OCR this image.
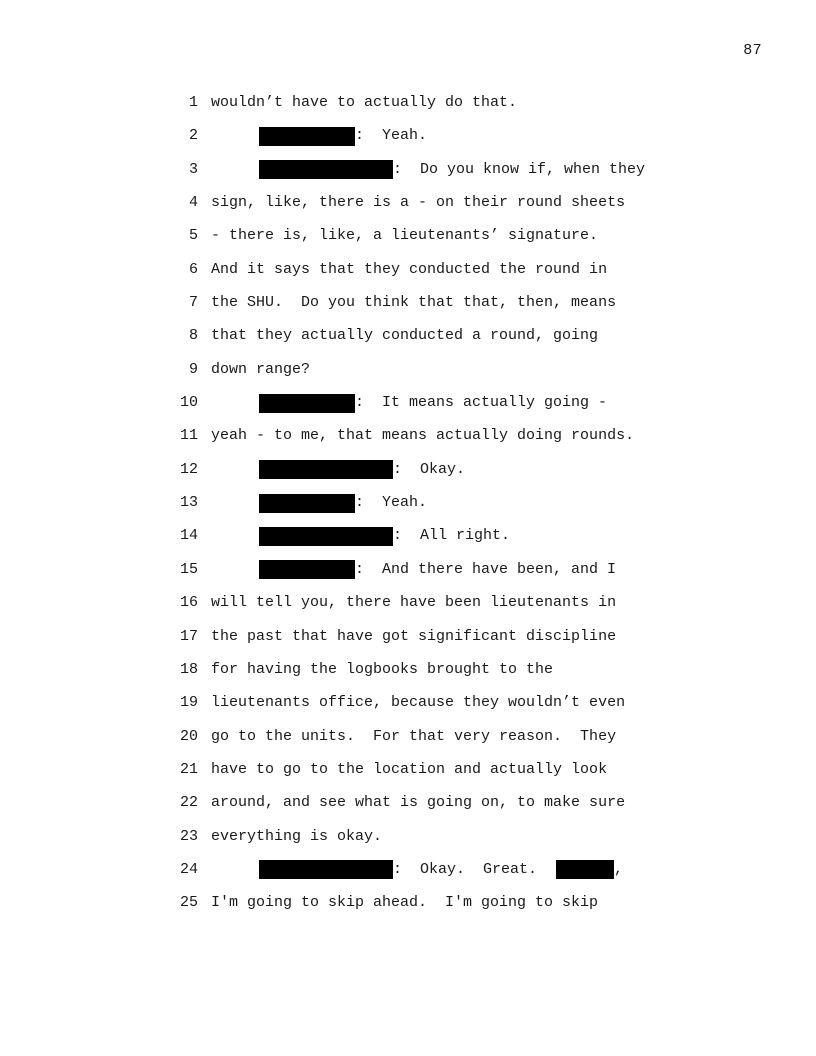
87

1

wouldn’t have to actually do that.

2

	:  Yeah.

3

	:  Do you know if, when they

4

sign, like, there is a - on their round sheets

5

- there is, like, a lieutenants’ signature.

6

And it says that they conducted the round in

7

the SHU.  Do you think that that, then, means

8

that they actually conducted a round, going

9

down range?

10

	:  It means actually going -

11

yeah - to me, that means actually doing rounds.

12

	:  Okay.

13

	:  Yeah.

14

	:  All right.

15

	:  And there have been, and I

16

will tell you, there have been lieutenants in

17

the past that have got significant discipline

18

for having the logbooks brought to the

19

lieutenants office, because they wouldn’t even

20

go to the units.  For that very reason.  They

21

have to go to the location and actually look

22

around, and see what is going on, to make sure

23

everything is okay.

24

	:  Okay.  Great.	,

25

I'm going to skip ahead.  I'm going to skip
